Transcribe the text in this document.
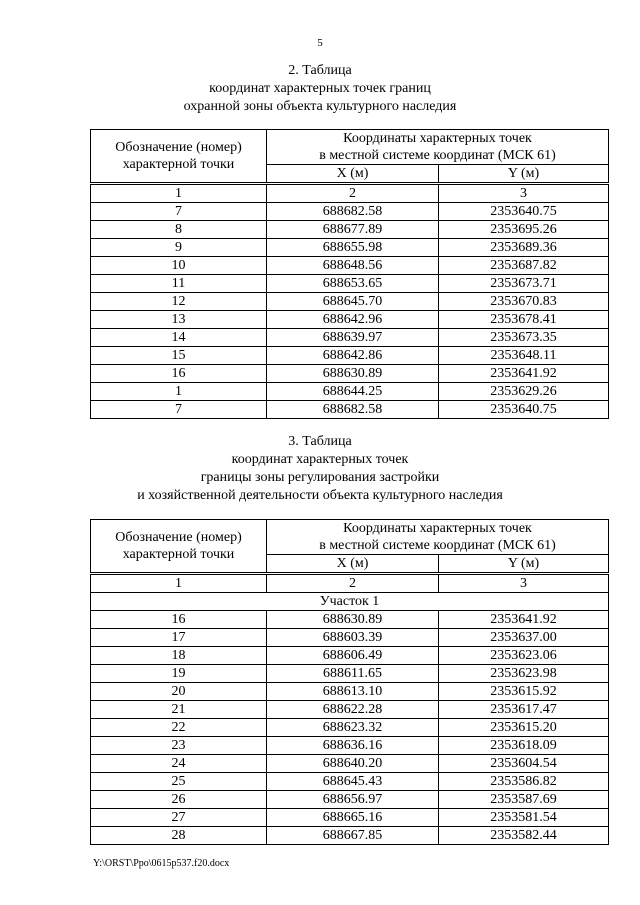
5
2. Таблица
координат характерных точек границ
охранной зоны объекта культурного наследия
Обозначение (номер)
характерной точки	Координаты характерных точек
в местной системе координат (МСК 61)	
	X (м)	Y (м)
1	2	3
7	688682.58	2353640.75
8	688677.89	2353695.26
9	688655.98	2353689.36
10	688648.56	2353687.82
11	688653.65	2353673.71
12	688645.70	2353670.83
13	688642.96	2353678.41
14	688639.97	2353673.35
15	688642.86	2353648.11
16	688630.89	2353641.92
1	688644.25	2353629.26
7	688682.58	2353640.75
3. Таблица
координат характерных точек
границы зоны регулирования застройки
и хозяйственной деятельности объекта культурного наследия
Обозначение (номер)
характерной точки	Координаты характерных точек
в местной системе координат (МСК 61)	
	X (м)	Y (м)
1	2	3
Участок 1		
16	688630.89	2353641.92
17	688603.39	2353637.00
18	688606.49	2353623.06
19	688611.65	2353623.98
20	688613.10	2353615.92
21	688622.28	2353617.47
22	688623.32	2353615.20
23	688636.16	2353618.09
24	688640.20	2353604.54
25	688645.43	2353586.82
26	688656.97	2353587.69
27	688665.16	2353581.54
28	688667.85	2353582.44
Y:\ORST\Ppo\0615p537.f20.docx
